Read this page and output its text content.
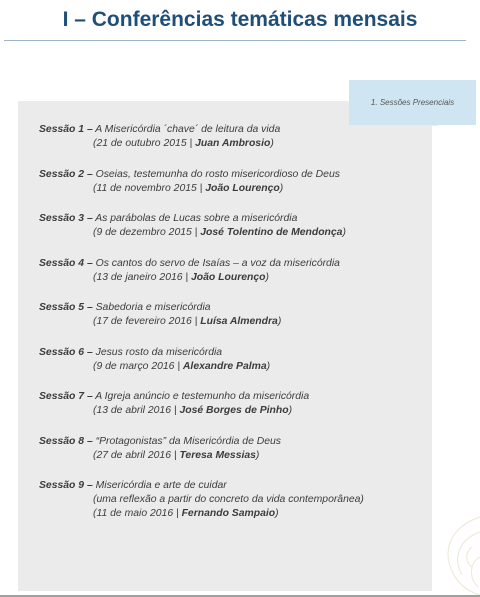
I – Conferências temáticas mensais
1. Sessões Presenciais
Sessão 1 – A Misericórdia ´chave´ de leitura da vida
(21 de outubro 2015 | Juan Ambrosio)
Sessão 2 – Oseias, testemunha do rosto misericordioso de Deus
(11 de novembro 2015 | João Lourenço)
Sessão 3 – As parábolas de Lucas sobre a misericórdia
(9 de dezembro 2015 | José Tolentino de Mendonça)
Sessão 4 – Os cantos do servo de Isaías – a voz da misericórdia
(13 de janeiro 2016 | João Lourenço)
Sessão 5 – Sabedoria e misericórdia
(17 de fevereiro 2016 | Luísa Almendra)
Sessão 6 – Jesus rosto da misericórdia
(9 de março 2016 | Alexandre Palma)
Sessão 7 – A Igreja anúncio e testemunho da misericórdia
(13 de abril 2016 | José Borges de Pinho)
Sessão 8 – “Protagonistas” da Misericórdia de Deus
(27 de abril 2016 | Teresa Messias)
Sessão 9 – Misericórdia e arte de cuidar
(uma reflexão a partir do concreto da vida contemporânea)
(11 de maio 2016 | Fernando Sampaio)
